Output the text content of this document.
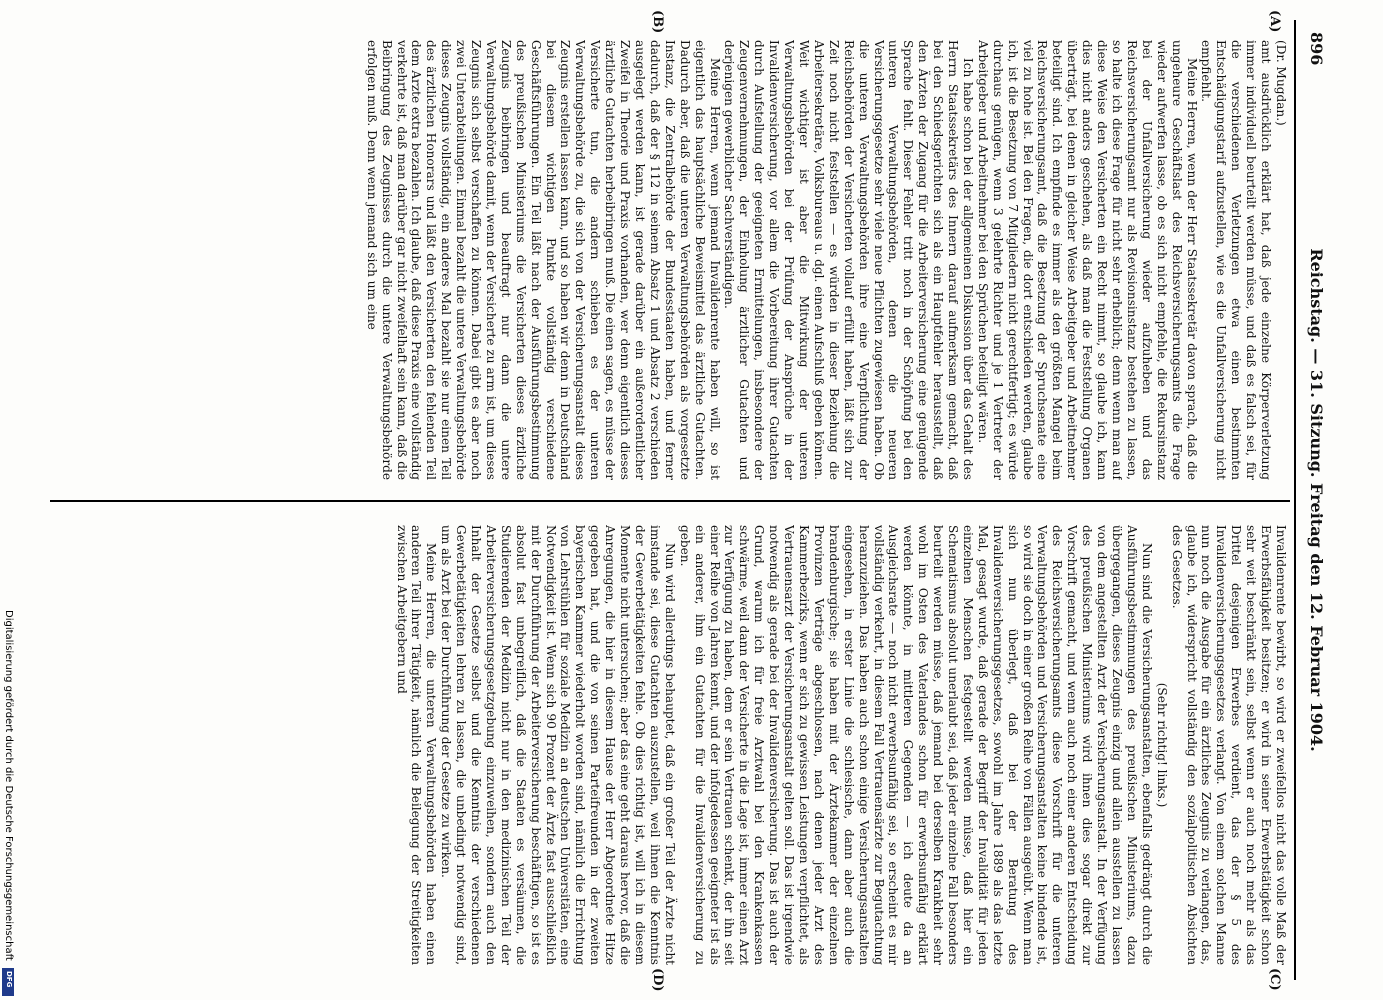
896
Reichstag. — 31. Sitzung. Freitag den 12. Februar 1904.
(A)
(B)
(C)
(D)

(Dr. Mugdan.)

amt ausdrücklich erklärt hat, daß jede einzelne Körperverletzung immer individuell beurteilt werden müsse, und daß es falsch sei, für die verschiedenen Verletzungen etwa einen bestimmten Entschädigungstarif aufzustellen, wie es die Unfallversicherung nicht empfiehlt.

Meine Herren, wenn der Herr Staatssekretär davon sprach, daß die ungeheure Geschäftslast des Reichsversicherungsamts die Frage wieder aufwerfen lasse, ob es sich nicht empfehle, die Rekursinstanz bei der Unfallversicherung wieder aufzuheben und das Reichsversicherungsamt nur als Revisionsinstanz bestehen zu lassen, so halte ich diese Frage für nicht sehr erheblich; denn wenn man auf diese Weise den Versicherten ein Recht nimmt, so glaube ich, kann dies nicht anders geschehen, als daß man die Feststellung Organen überträgt, bei denen in gleicher Weise Arbeitgeber und Arbeitnehmer beteiligt sind. Ich empfinde es immer als den größten Mangel beim Reichsversicherungsamt, daß die Besetzung der Spruchsenate eine viel zu hohe ist. Bei den Fragen, die dort entschieden werden, glaube ich, ist die Besetzung von 7 Mitgliedern nicht gerechtfertigt; es würde durchaus genügen, wenn 3 gelehrte Richter und je 1 Vertreter der Arbeitgeber und Arbeitnehmer bei den Sprüchen beteiligt wären.

Ich habe schon bei der allgemeinen Diskussion über das Gehalt des Herrn Staatssekretärs des Innern darauf aufmerksam gemacht, daß bei den Schiedsgerichten sich als ein Hauptfehler herausstellt, daß den Ärzten der Zugang für die Arbeiterversicherung eine genügende Sprache fehlt. Dieser Fehler tritt noch in der Schöpfung bei den unteren Verwaltungsbehörden, denen die neueren Versicherungsgesetze sehr viele neue Pflichten zugewiesen haben. Ob die unteren Verwaltungsbehörden ihre eine Verpflichtung der Reichsbehörden der Versicherten vollauf erfüllt haben, läßt sich zur Zeit noch nicht feststellen — es würden in dieser Beziehung die Arbeitersekretäre, Volksbureaus u. dgl. einen Aufschluß geben können. Weit wichtiger ist aber die Mitwirkung der unteren Verwaltungsbehörden bei der Prüfung der Ansprüche in der Invalidenversicherung, vor allem die Vorbereitung ihrer Gutachten durch Aufstellung der geeigneten Ermittelungen, insbesondere der Zeugenvernehmungen, der Einholung ärztlicher Gutachten und derjenigen gewerblicher Sachverständigen.

Meine Herren, wenn jemand Invalidenrente haben will, so ist eigentlich das hauptsächliche Beweismittel das ärztliche Gutachten. Dadurch aber, daß die unteren Verwaltungsbehörden als vorgesetzte Instanz, die Zentralbehörde der Bundesstaaten haben, und ferner dadurch, daß der § 112 in seinem Absatz 1 und Absatz 2 verschieden ausgelegt werden kann, ist gerade darüber ein außerordentlicher Zweifel in Theorie und Praxis vorhanden, wer denn eigentlich dieses ärztliche Gutachten herbeibringen muß. Die einen sagen, es müsse der Versicherte tun, die andern schieben es der unteren Verwaltungsbehörde zu, die sich von der Versicherungsanstalt dieses Zeugnis erstellen lassen kann, und so haben wir denn in Deutschland bei diesem wichtigen Punkte vollständig verschiedene Geschäftsführungen. Ein Teil läßt nach der Ausführungsbestimmung des preußischen Ministeriums die Versicherten dieses ärztliche Zeugnis beibringen und beauftragt nur dann die untere Verwaltungsbehörde damit, wenn der Versicherte zu arm ist, um dieses Zeugnis sich selbst verschaffen zu können. Dabei gibt es aber noch zwei Unterabteilungen. Einmal bezahlt die untere Verwaltungsbehörde dieses Zeugnis vollständig, ein anderes Mal bezahlt sie nur einen Teil des ärztlichen Honorars und läßt den Versicherten den fehlenden Teil dem Arzte extra bezahlen. Ich glaube, daß diese Praxis eine vollständig verkehrte ist, daß man darüber gar nicht zweifelhaft sein kann, daß die Beibringung des Zeugnisses durch die untere Verwaltungsbehörde erfolgen muß. Denn wenn jemand sich um eine

Invalidenrente bewirbt, so wird er zweifellos nicht das volle Maß der Erwerbsfähigkeit besitzen; er wird in seiner Erwerbstätigkeit schon sehr weit beschränkt sein, selbst wenn er auch noch mehr als das Drittel desjenigen Erwerbes verdient, das der § 5 des Invalidenversicherungsgesetzes verlangt. Von einem solchen Manne nun noch die Ausgabe für ein ärztliches Zeugnis zu verlangen, das, glaube ich, widerspricht vollständig den sozialpolitischen Absichten des Gesetzes.

(Sehr richtig! links.)

Nun sind die Versicherungsanstalten, ebenfalls gedrängt durch die Ausführungsbestimmungen des preußischen Ministeriums, dazu übergegangen, dieses Zeugnis einzig und allein ausstellen zu lassen von dem angestellten Arzt der Versicherungsanstalt. In der Verfügung des preußischen Ministeriums wird ihnen dies sogar direkt zur Vorschrift gemacht, und wenn auch noch einer anderen Entscheidung des Reichsversicherungsamts diese Vorschrift für die unteren Verwaltungsbehörden und Versicherungsanstalten keine bindende ist, so wird sie doch in einer großen Reihe von Fällen ausgeübt. Wenn man sich nun überlegt, daß bei der Beratung des Invalidenversicherungsgesetzes, sowohl im Jahre 1889 als das letzte Mal, gesagt wurde, daß gerade der Begriff der Invalidität für jeden einzelnen Menschen festgestellt werden müsse, daß hier ein Schematismus absolut unerlaubt sei, daß jeder einzelne Fall besonders beurteilt werden müsse, daß jemand bei derselben Krankheit sehr wohl im Osten des Vaterlandes schon für erwerbsunfähig erklärt werden könnte, in mittleren Gegenden — ich deute da an Ausgleichsrate — noch nicht erwerbsunfähig sei, so erscheint es mir vollständig verkehrt, in diesem Fall Vertrauensärzte zur Begutachtung heranzuziehen. Das haben auch schon einige Versicherungsanstalten eingesehen, in erster Linie die schlesische, dann aber auch die brandenburgische; sie haben mit der Ärztekammer der einzelnen Provinzen Verträge abgeschlossen, nach denen jeder Arzt des Kammerbezirks, wenn er sich zu gewissen Leistungen verpflichtet, als Vertrauensarzt der Versicherungsanstalt gelten soll. Das ist irgendwie notwendig als gerade bei der Invalidenversicherung. Das ist auch der Grund, warum ich für freie Arztwahl bei den Krankenkassen schwärme, weil dann der Versicherte in die Lage ist, immer einen Arzt zur Verfügung zu haben, dem er sein Vertrauen schenkt, der ihn seit einer Reihe von Jahren kennt, und der infolgedessen geeigneter ist als ein anderer, ihm ein Gutachten für die Invalidenversicherung zu geben.

Nun wird allerdings behauptet, daß ein großer Teil der Ärzte nicht imstande sei, diese Gutachten auszustellen, weil ihnen die Kenntnis der Gewerbetätigkeiten fehle. Ob dies richtig ist, will ich in diesem Momente nicht untersuchen; aber das eine geht daraus hervor, daß die Anregungen, die hier in diesem Hause der Herr Abgeordnete Hitze gegeben hat, und die von seinen Parteifreunden in der zweiten bayerischen Kammer wiederholt worden sind, nämlich die Errichtung von Lehrstühlen für soziale Medizin an deutschen Universitäten, eine Notwendigkeit ist. Wenn sich 90 Prozent der Ärzte fast ausschließlich mit der Durchführung der Arbeiterversicherung beschäftigen, so ist es absolut fast unbegreiflich, daß die Staaten es versäumen, die Studierenden der Medizin nicht nur in den medizinischen Teil der Arbeiterversicherungsgesetzgebung einzuweihen, sondern auch den Inhalt der Gesetze selbst und die Kenntnis der verschiedenen Gewerbetätigkeiten lehren zu lassen, die unbedingt notwendig sind, um als Arzt bei der Durchführung der Gesetze zu wirken.

Meine Herren, die unteren Verwaltungsbehörden haben einen anderen Teil ihrer Tätigkeit, nämlich die Beilegung der Streitigkeiten zwischen Arbeitgebern und

Digitalisierung gefördert durch die Deutsche Forschungsgemeinschaft
DFG
